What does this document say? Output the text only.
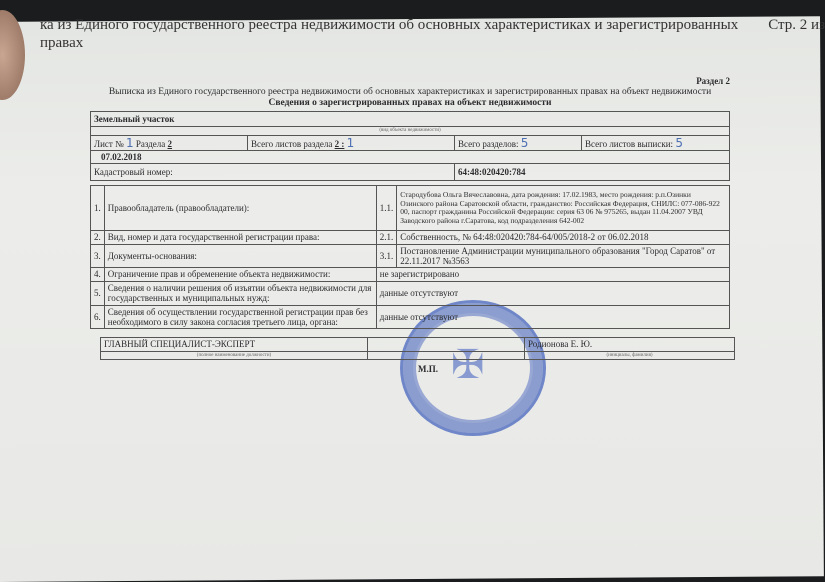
ка из Единого государственного реестра недвижимости об основных характеристиках и зарегистрированных правах
Стр. 2 из
✠
Раздел 2
Выписка из Единого государственного реестра недвижимости об основных характеристиках и зарегистрированных правах на объект недвижимости
Сведения о зарегистрированных правах на объект недвижимости
Земельный участок			
(вид объекта недвижимости)			
Лист № 1 Раздела 2	Всего листов раздела 2 : 1	Всего разделов: 5	Всего листов выписки: 5
07.02.2018			
Кадастровый номер:		64:48:020420:784	
1.	Правообладатель (правообладатели):	1.1.	Стародубова Ольга Вячеславовна, дата рождения: 17.02.1983, место рождения: р.п.Озинки Озинского района Саратовской области, гражданство: Российская Федерация, СНИЛС: 077-086-922 00, паспорт гражданина Российской Федерации: серия 63 06 № 975265, выдан 11.04.2007 УВД Заводского района г.Саратова, код подразделения 642-002
2.	Вид, номер и дата государственной регистрации права:	2.1.	Собственность, № 64:48:020420:784-64/005/2018-2 от 06.02.2018
3.	Документы-основания:	3.1.	Постановление Администрации муниципального образования "Город Саратов" от 22.11.2017 №3563
4.	Ограничение прав и обременение объекта недвижимости:	не зарегистрировано	
5.	Сведения о наличии решения об изъятии объекта недвижимости для государственных и муниципальных нужд:	данные отсутствуют	
6.	Сведения об осуществлении государственной регистрации прав без необходимого в силу закона согласия третьего лица, органа:	данные отсутствуют	
ГЛАВНЫЙ СПЕЦИАЛИСТ-ЭКСПЕРТ		Родионова Е. Ю.
(полное наименование должности)		(инициалы, фамилия)
М.П.
